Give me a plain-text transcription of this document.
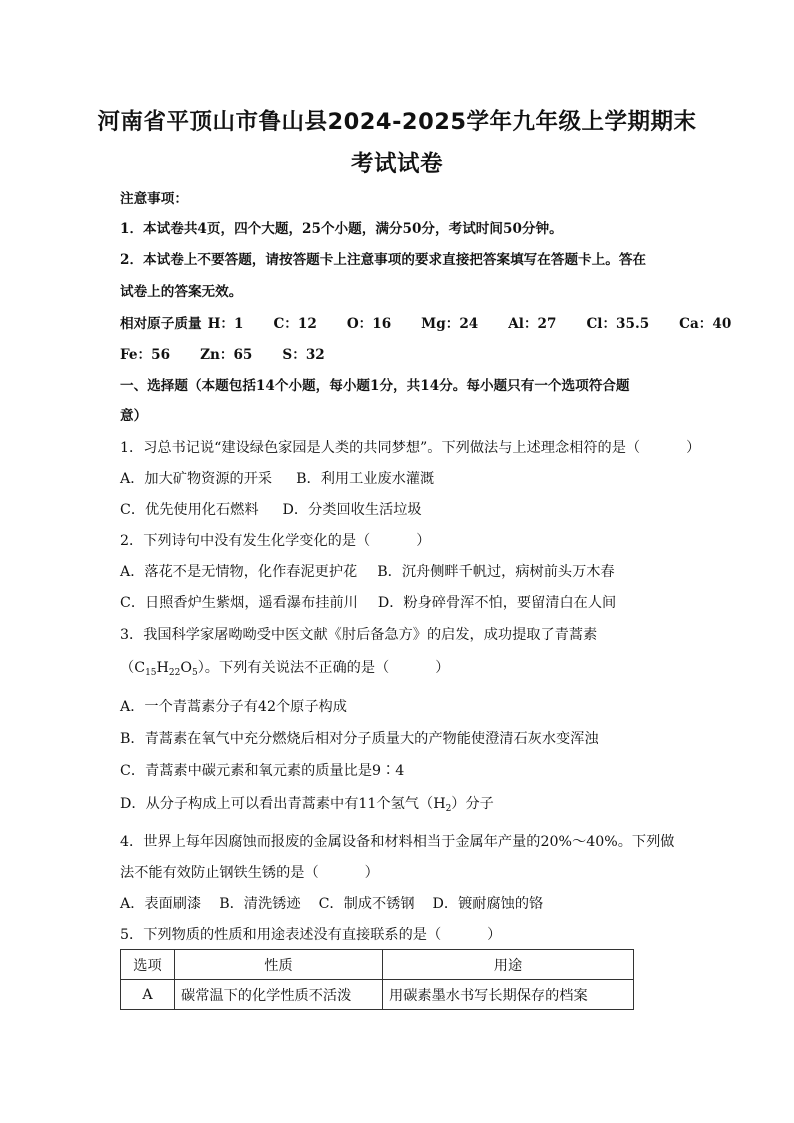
河南省平顶山市鲁山县2024-2025学年九年级上学期期末
考试试卷
注意事项：
1．本试卷共4页，四个大题，25个小题，满分50分，考试时间50分钟。
2．本试卷上不要答题，请按答题卡上注意事项的要求直接把答案填写在答题卡上。答在
试卷上的答案无效。
相对原子质量 H：1 C：12 O：16 Mg：24 Al：27 Cl：35.5 Ca：40
Fe：56 Zn：65 S：32
一、选择题（本题包括14个小题，每小题1分，共14分。每小题只有一个选项符合题
意）
1．习总书记说“建设绿色家园是人类的共同梦想”。下列做法与上述理念相符的是（	）
A．加大矿物资源的开采 B．利用工业废水灌溉
C．优先使用化石燃料 D．分类回收生活垃圾
2．下列诗句中没有发生化学变化的是（	）
A．落花不是无情物，化作春泥更护花 B．沉舟侧畔千帆过，病树前头万木春
C．日照香炉生紫烟，遥看瀑布挂前川 D．粉身碎骨浑不怕，要留清白在人间
3．我国科学家屠呦呦受中医文献《肘后备急方》的启发，成功提取了青蒿素
$(C_{15}H_{22}O_5)$。下列有关说法不正确的是（	）
A．一个青蒿素分子有42个原子构成
B．青蒿素在氧气中充分燃烧后相对分子质量大的产物能使澄清石灰水变浑浊
C．青蒿素中碳元素和氧元素的质量比是9∶4
D．从分子构成上可以看出青蒿素中有11个氢气$(H_2)$分子
4．世界上每年因腐蚀而报废的金属设备和材料相当于金属年产量的20%～40%。下列做
法不能有效防止钢铁生锈的是（	）
A．表面刷漆 B．清洗锈迹 C．制成不锈钢 D．镀耐腐蚀的铬
5．下列物质的性质和用途表述没有直接联系的是（	）
选项	性质	用途
A	碳常温下的化学性质不活泼	用碳素墨水书写长期保存的档案
